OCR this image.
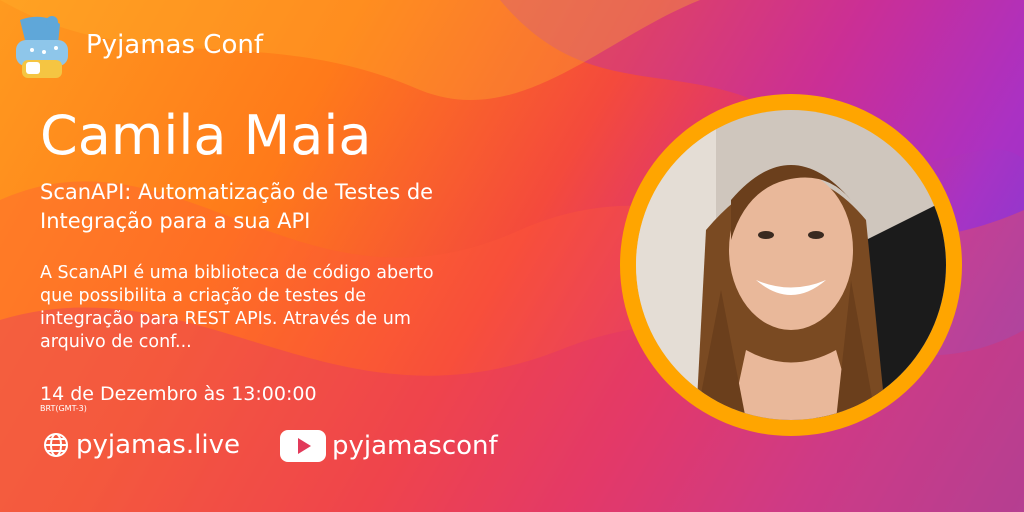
Pyjamas Conf
Camila Maia
ScanAPI: Automatização de Testes de Integração para a sua API
A ScanAPI é uma biblioteca de código aberto que possibilita a criação de testes de integração para REST APIs. Através de um arquivo de conf...
14 de Dezembro às 13:00:00
BRT(GMT-3)
pyjamas.live	pyjamasconf
